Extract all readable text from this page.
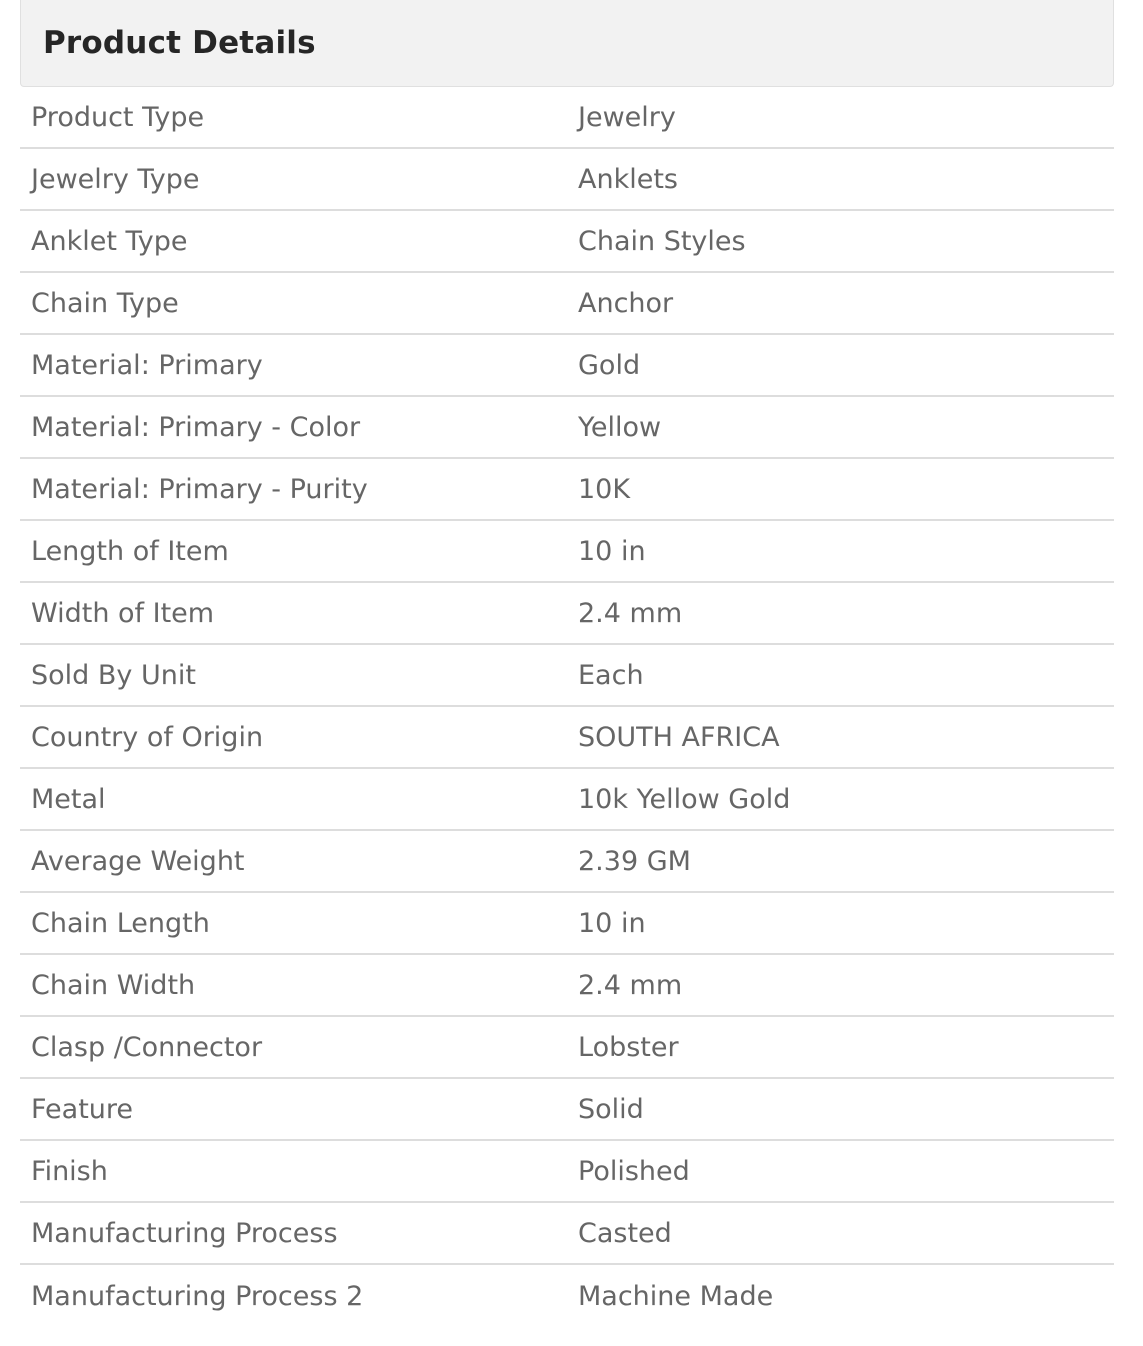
Product Details
Product Type	Jewelry
Jewelry Type	Anklets
Anklet Type	Chain Styles
Chain Type	Anchor
Material: Primary	Gold
Material: Primary - Color	Yellow
Material: Primary - Purity	10K
Length of Item	10 in
Width of Item	2.4 mm
Sold By Unit	Each
Country of Origin	SOUTH AFRICA
Metal	10k Yellow Gold
Average Weight	2.39 GM
Chain Length	10 in
Chain Width	2.4 mm
Clasp /Connector	Lobster
Feature	Solid
Finish	Polished
Manufacturing Process	Casted
Manufacturing Process 2	Machine Made
